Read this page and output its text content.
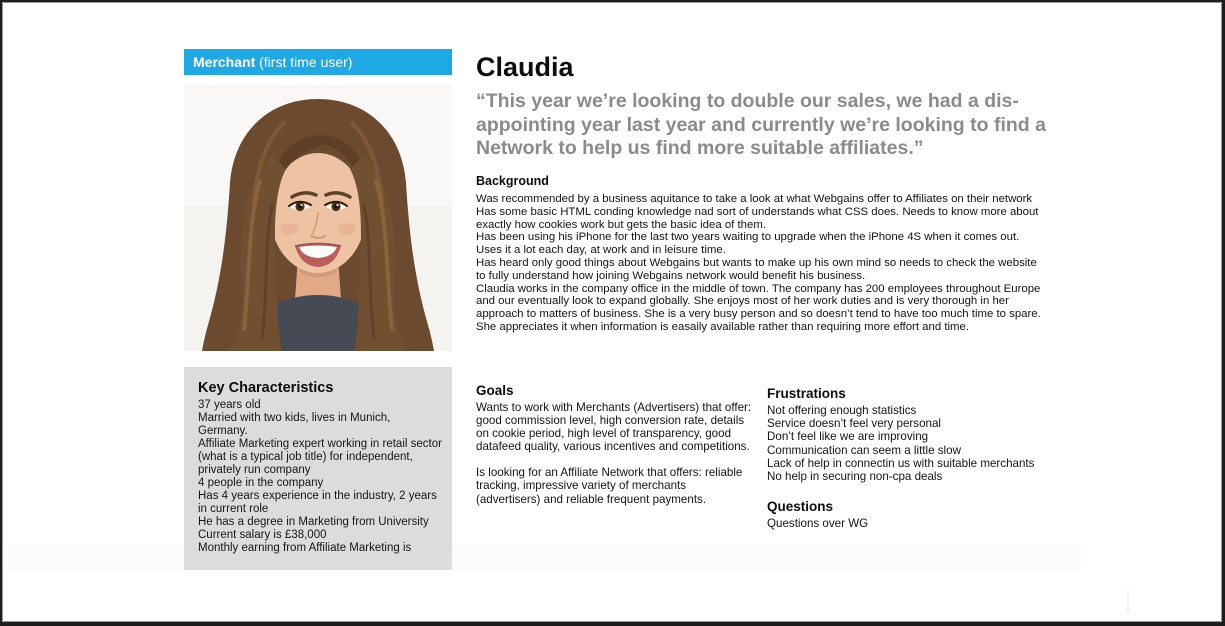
Merchant (first time user)
Key Characteristics
37 years old
Married with two kids, lives in Munich, Germany.
Affiliate Marketing expert working in retail sector (what is a typical job title) for independent, privately run company
4 people in the company
Has 4 years experience in the industry, 2 years in current role
He has a degree in Marketing from University
Current salary is £38,000
Monthly earning from Affiliate Marketing is
Claudia
“This year we’re looking to double our sales, we had a disappointing year last year and currently we’re looking to find a Network to help us find more suitable affiliates.”
Background
Was recommended by a business aquitance to take a look at what Webgains offer to Affiliates on their network
Has some basic HTML conding knowledge nad sort of understands what CSS does. Needs to know more about exactly how cookies work but gets the basic idea of them.
Has been using his iPhone for the last two years waiting to upgrade when the iPhone 4S when it comes out. Uses it a lot each day, at work and in leisure time.
Has heard only good things about Webgains but wants to make up his own mind so needs to check the website to fully understand how joining Webgains network would benefit his business.
Claudia works in the company office in the middle of town. The company has 200 employees throughout Europe and our eventually look to expand globally. She enjoys most of her work duties and is very thorough in her approach to matters of business. She is a very busy person and so doesn’t tend to have too much time to spare. She appreciates it when information is easaily available rather than requiring more effort and time.
Goals
Wants to work with Merchants (Advertisers) that offer: good commission level, high conversion rate, details on cookie period, high level of transparency, good datafeed quality, various incentives and competitions.
Is looking for an Affiliate Network that offers: reliable tracking, impressive variety of merchants (advertisers) and reliable frequent payments.
Frustrations
Not offering enough statistics
Service doesn’t feel very personal
Don’t feel like we are improving
Communication can seem a little slow
Lack of help in connectin us with suitable merchants
No help in securing non-cpa deals
Questions
Questions over WG
